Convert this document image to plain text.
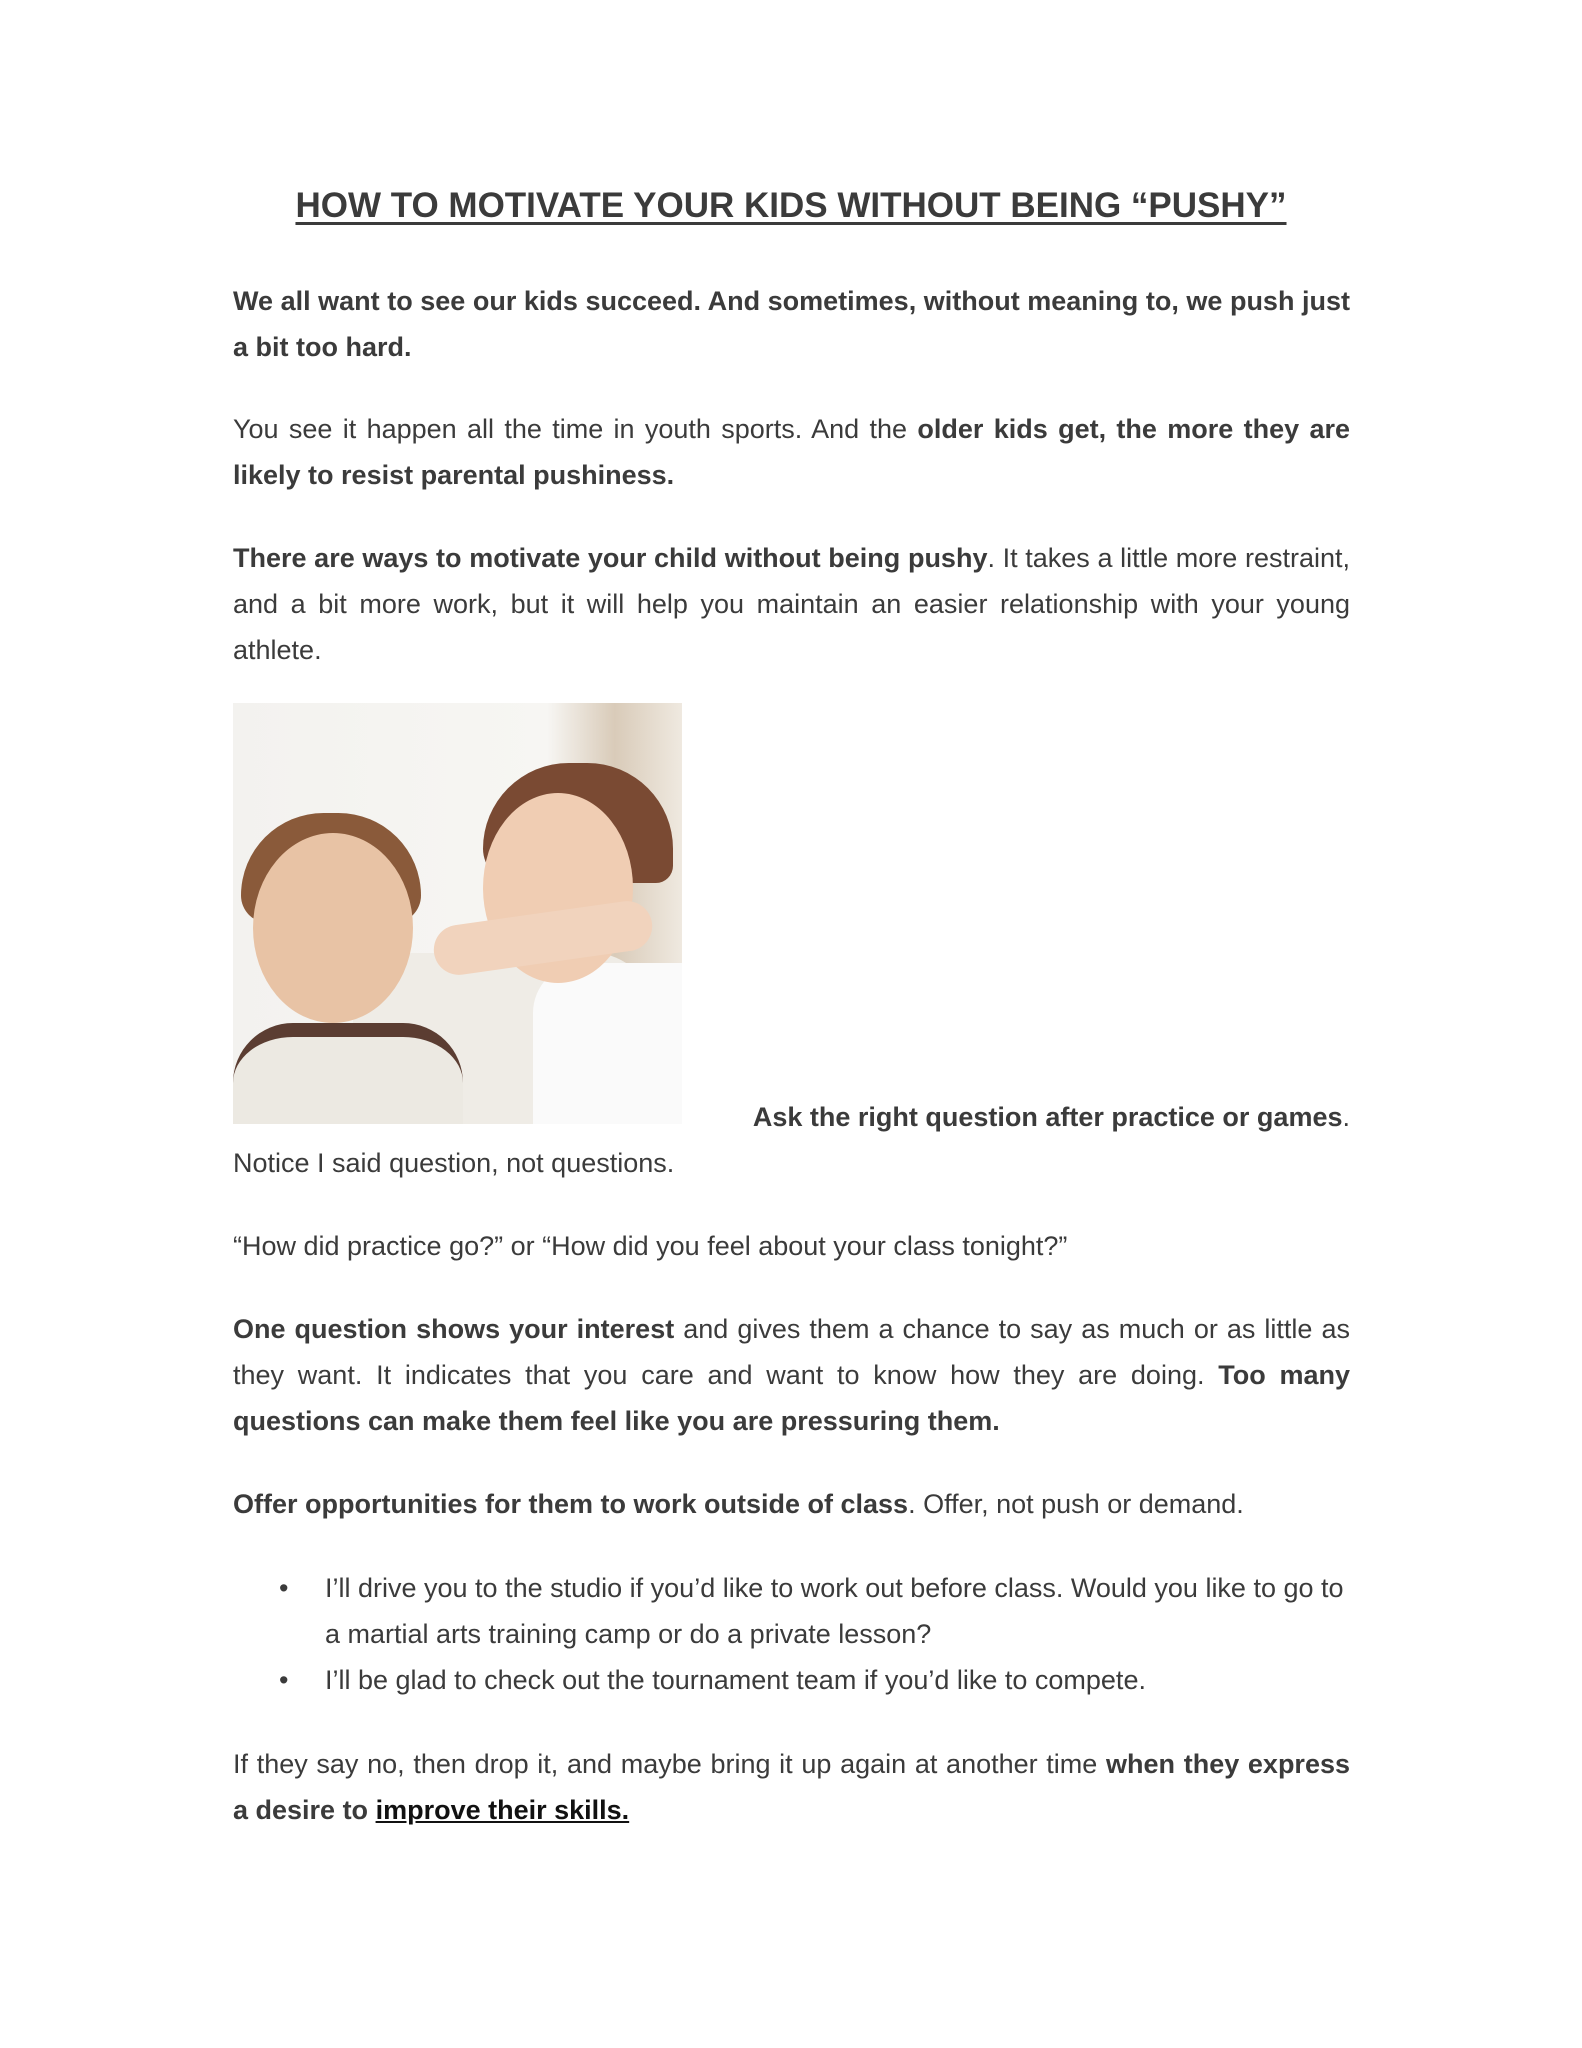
HOW TO MOTIVATE YOUR KIDS WITHOUT BEING “PUSHY”

We all want to see our kids succeed. And sometimes, without meaning to, we push just a bit too hard.

You see it happen all the time in youth sports. And the older kids get, the more they are likely to resist parental pushiness.

There are ways to motivate your child without being pushy. It takes a little more restraint, and a bit more work, but it will help you maintain an easier relationship with your young athlete.

Ask the right question after practice or games.

Notice I said question, not questions.

“How did practice go?” or “How did you feel about your class tonight?”

One question shows your interest and gives them a chance to say as much or as little as they want. It indicates that you care and want to know how they are doing. Too many questions can make them feel like you are pressuring them.

Offer opportunities for them to work outside of class. Offer, not push or demand.

• I’ll drive you to the studio if you’d like to work out before class. Would you like to go to a martial arts training camp or do a private lesson?
• I’ll be glad to check out the tournament team if you’d like to compete.

If they say no, then drop it, and maybe bring it up again at another time when they express a desire to improve their skills.
